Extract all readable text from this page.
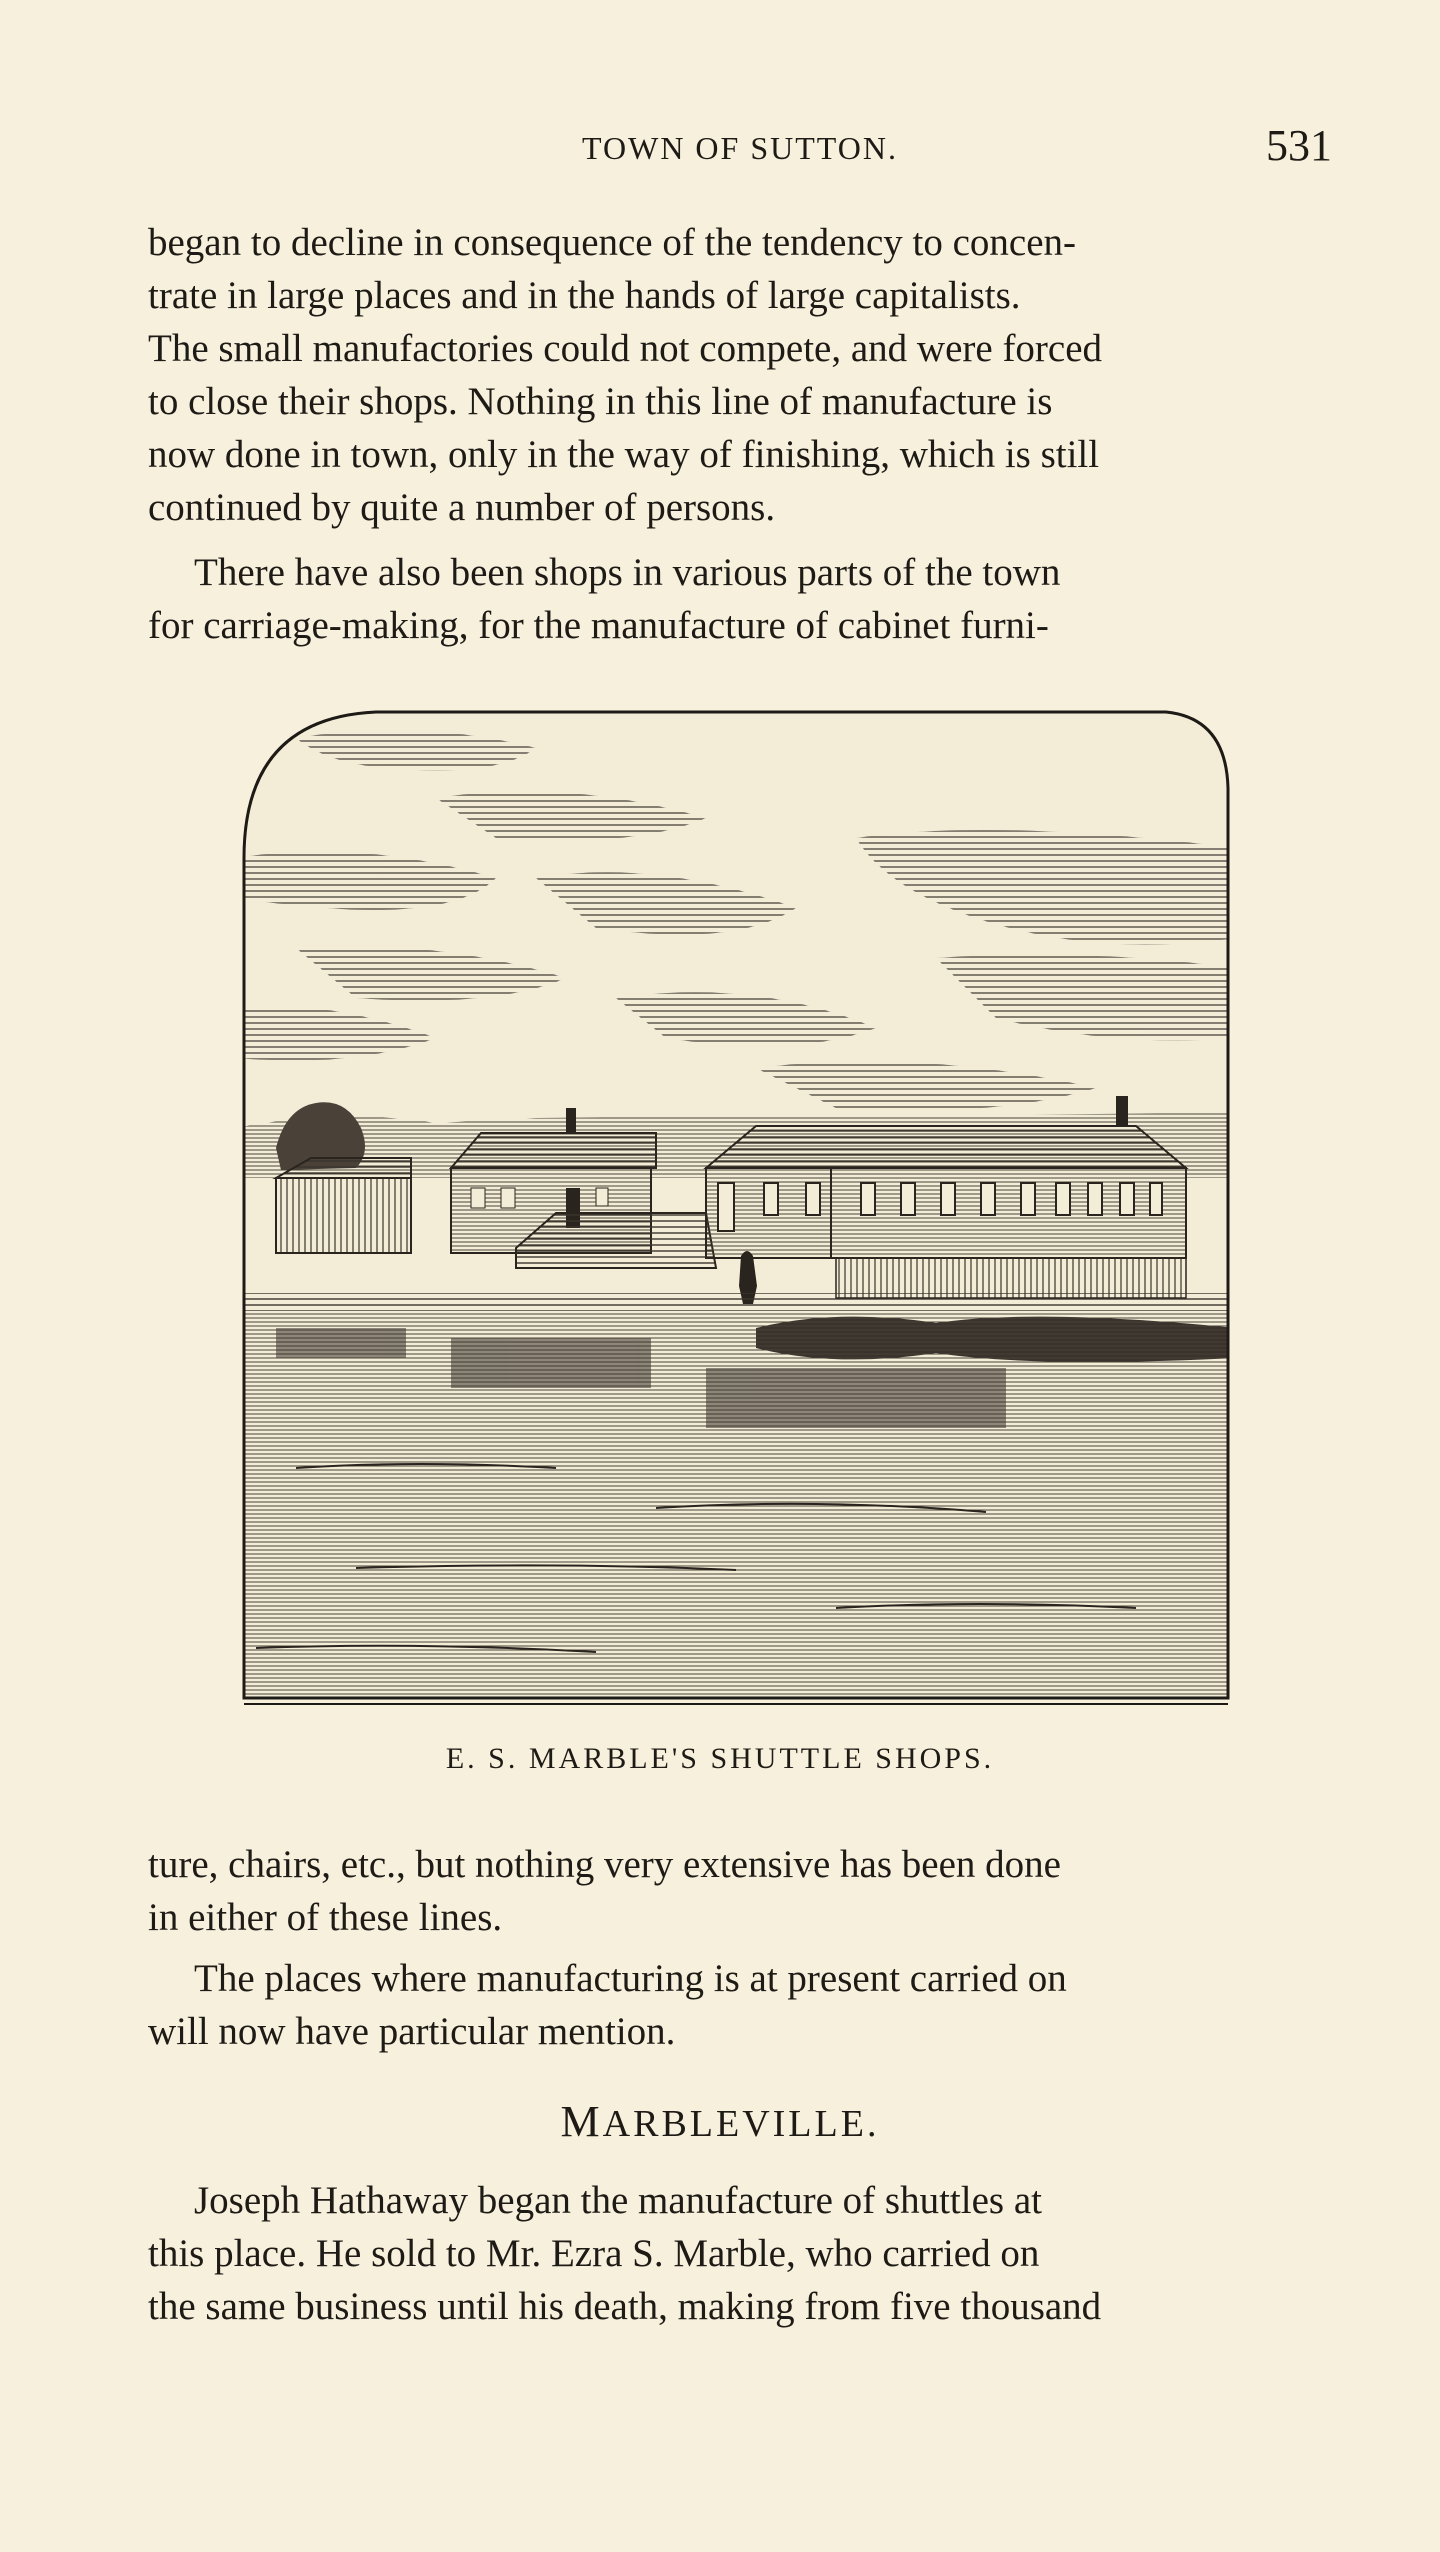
TOWN OF SUTTON.	531
began to decline in consequence of the tendency to concen-
trate in large places and in the hands of large capitalists.
The small manufactories could not compete, and were forced
to close their shops. Nothing in this line of manufacture is
now done in town, only in the way of finishing, which is still
continued by quite a number of persons.
There have also been shops in various parts of the town
for carriage-making, for the manufacture of cabinet furni-
E. S. MARBLE'S SHUTTLE SHOPS.
ture, chairs, etc., but nothing very extensive has been done
in either of these lines.
The places where manufacturing is at present carried on
will now have particular mention.
MARBLEVILLE.
Joseph Hathaway began the manufacture of shuttles at
this place. He sold to Mr. Ezra S. Marble, who carried on
the same business until his death, making from five thousand
